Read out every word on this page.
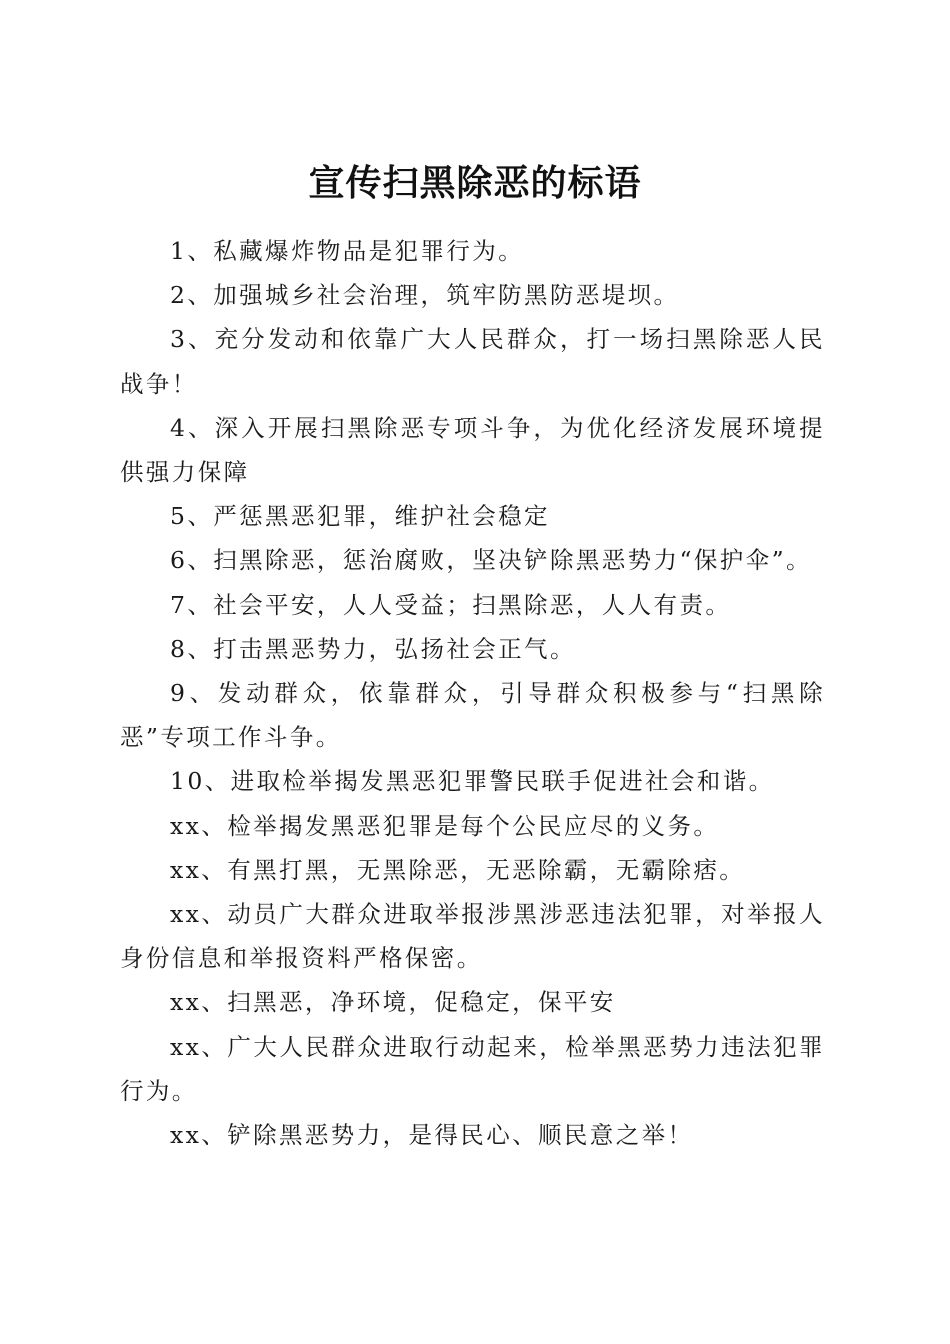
宣传扫黑除恶的标语

1、私藏爆炸物品是犯罪行为。

2、加强城乡社会治理，筑牢防黑防恶堤坝。

3、充分发动和依靠广大人民群众，打一场扫黑除恶人民战争！

4、深入开展扫黑除恶专项斗争，为优化经济发展环境提供强力保障

5、严惩黑恶犯罪，维护社会稳定

6、扫黑除恶，惩治腐败，坚决铲除黑恶势力“保护伞”。

7、社会平安，人人受益；扫黑除恶，人人有责。

8、打击黑恶势力，弘扬社会正气。

9、发动群众，依靠群众，引导群众积极参与“扫黑除恶”专项工作斗争。

10、进取检举揭发黑恶犯罪警民联手促进社会和谐。

xx、检举揭发黑恶犯罪是每个公民应尽的义务。

xx、有黑打黑，无黑除恶，无恶除霸，无霸除痞。

xx、动员广大群众进取举报涉黑涉恶违法犯罪，对举报人身份信息和举报资料严格保密。

xx、扫黑恶，净环境，促稳定，保平安

xx、广大人民群众进取行动起来，检举黑恶势力违法犯罪行为。

xx、铲除黑恶势力，是得民心、顺民意之举！
